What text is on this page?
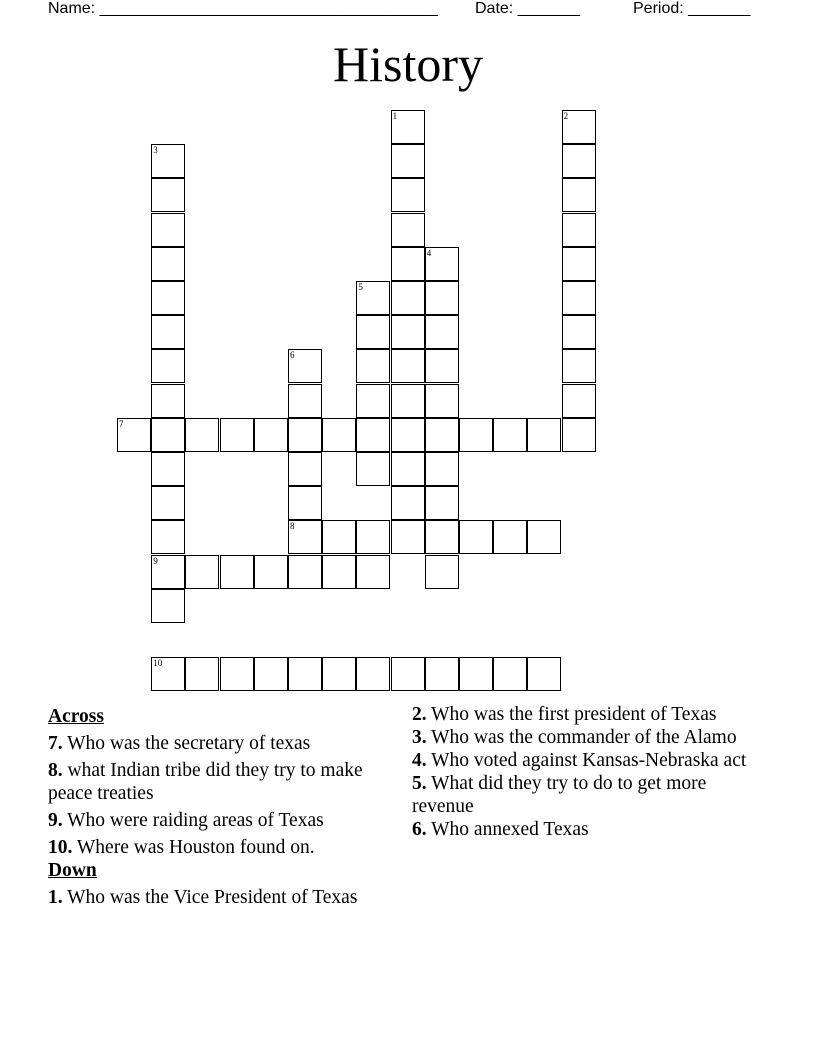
Name: ______________________________________ Date: _______	Period: _______
History
1	2
3
9
4
5
6
8
7
10
Across
7. Who was the secretary of texas
8. what Indian tribe did they try to make peace treaties
9. Who were raiding areas of Texas
10. Where was Houston found on.
Down
1. Who was the Vice President of Texas
2. Who was the first president of Texas
3. Who was the commander of the Alamo
4. Who voted against Kansas-Nebraska act
5. What did they try to do to get more revenue
6. Who annexed Texas
